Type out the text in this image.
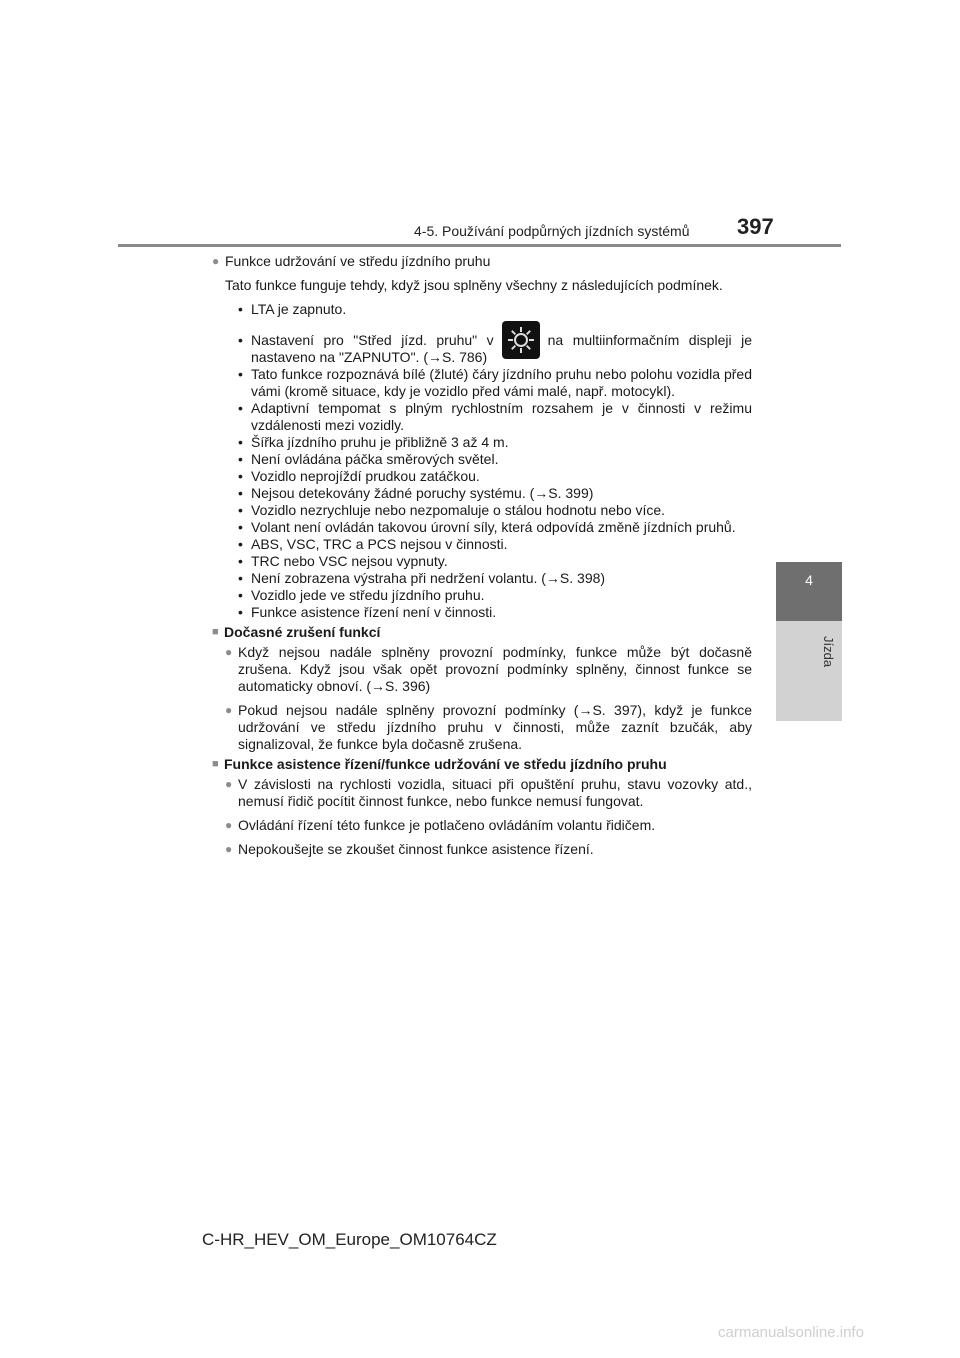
4-5. Používání podpůrných jízdních systémů 397
4
Jízda
● Funkce udržování ve středu jízdního pruhu

Tato funkce funguje tehdy, když jsou splněny všechny z následujících podmínek.

• LTA je zapnuto.
• Nastavení pro "Střed jízd. pruhu" v	na multiinformačním displeji je nastaveno na "ZAPNUTO". (→S. 786)
• Tato funkce rozpoznává bílé (žluté) čáry jízdního pruhu nebo polohu vozidla před vámi (kromě situace, kdy je vozidlo před vámi malé, např. motocykl).
• Adaptivní tempomat s plným rychlostním rozsahem je v činnosti v režimu vzdálenosti mezi vozidly.
• Šířka jízdního pruhu je přibližně 3 až 4 m.
• Není ovládána páčka směrových světel.
• Vozidlo neprojíždí prudkou zatáčkou.
• Nejsou detekovány žádné poruchy systému. (→S. 399)
• Vozidlo nezrychluje nebo nezpomaluje o stálou hodnotu nebo více.
• Volant není ovládán takovou úrovní síly, která odpovídá změně jízdních pruhů.
• ABS, VSC, TRC a PCS nejsou v činnosti.
• TRC nebo VSC nejsou vypnuty.
• Není zobrazena výstraha při nedržení volantu. (→S. 398)
• Vozidlo jede ve středu jízdního pruhu.
• Funkce asistence řízení není v činnosti.
■ Dočasné zrušení funkcí
● Když nejsou nadále splněny provozní podmínky, funkce může být dočasně zrušena. Když jsou však opět provozní podmínky splněny, činnost funkce se automaticky obnoví. (→S. 396)
● Pokud nejsou nadále splněny provozní podmínky (→S. 397), když je funkce udržování ve středu jízdního pruhu v činnosti, může zaznít bzučák, aby signalizoval, že funkce byla dočasně zrušena.
■ Funkce asistence řízení/funkce udržování ve středu jízdního pruhu
● V závislosti na rychlosti vozidla, situaci při opuštění pruhu, stavu vozovky atd., nemusí řidič pocítit činnost funkce, nebo funkce nemusí fungovat.
● Ovládání řízení této funkce je potlačeno ovládáním volantu řidičem.
● Nepokoušejte se zkoušet činnost funkce asistence řízení.
C-HR_HEV_OM_Europe_OM10764CZ
carmanualsonline.info
